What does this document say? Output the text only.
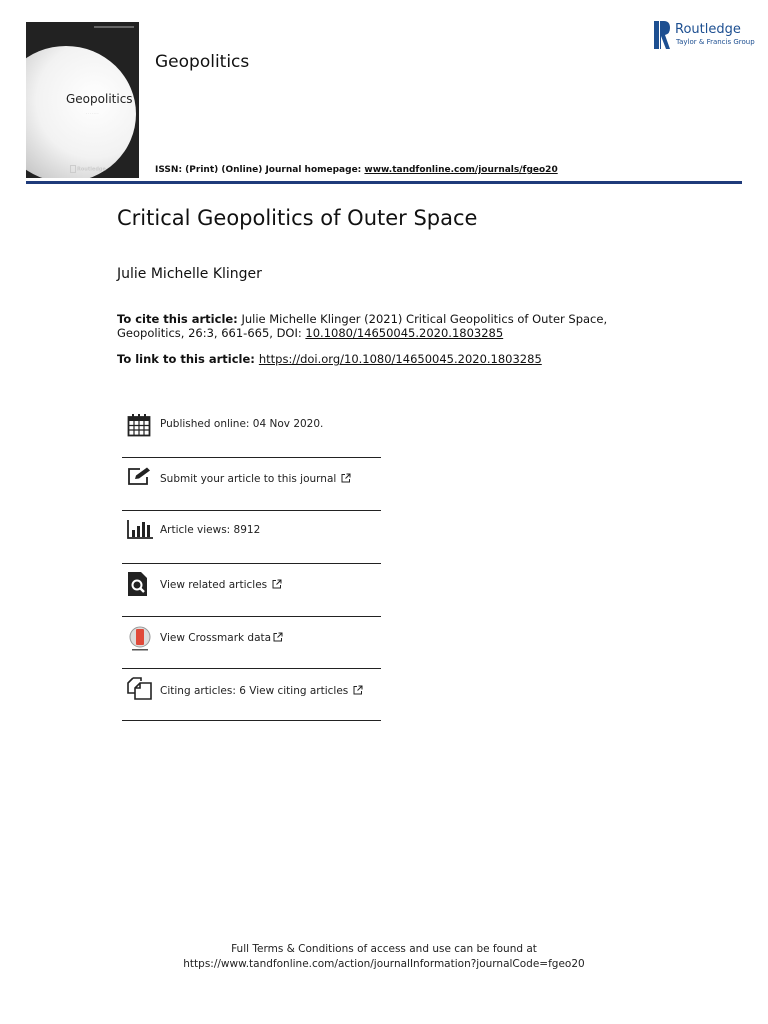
Geopolitics
· · · · · · ·
Routledge
Geopolitics
ISSN: (Print) (Online) Journal homepage: www.tandfonline.com/journals/fgeo20
Routledge
Taylor & Francis Group
Critical Geopolitics of Outer Space
Julie Michelle Klinger
To cite this article: Julie Michelle Klinger (2021) Critical Geopolitics of Outer Space, Geopolitics, 26:3, 661-665, DOI: 10.1080/14650045.2020.1803285
To link to this article: https://doi.org/10.1080/14650045.2020.1803285
Published online: 04 Nov 2020.
Submit your article to this journal
Article views: 8912
View related articles
View Crossmark data
Citing articles: 6 View citing articles
Full Terms & Conditions of access and use can be found at
https://www.tandfonline.com/action/journalInformation?journalCode=fgeo20
